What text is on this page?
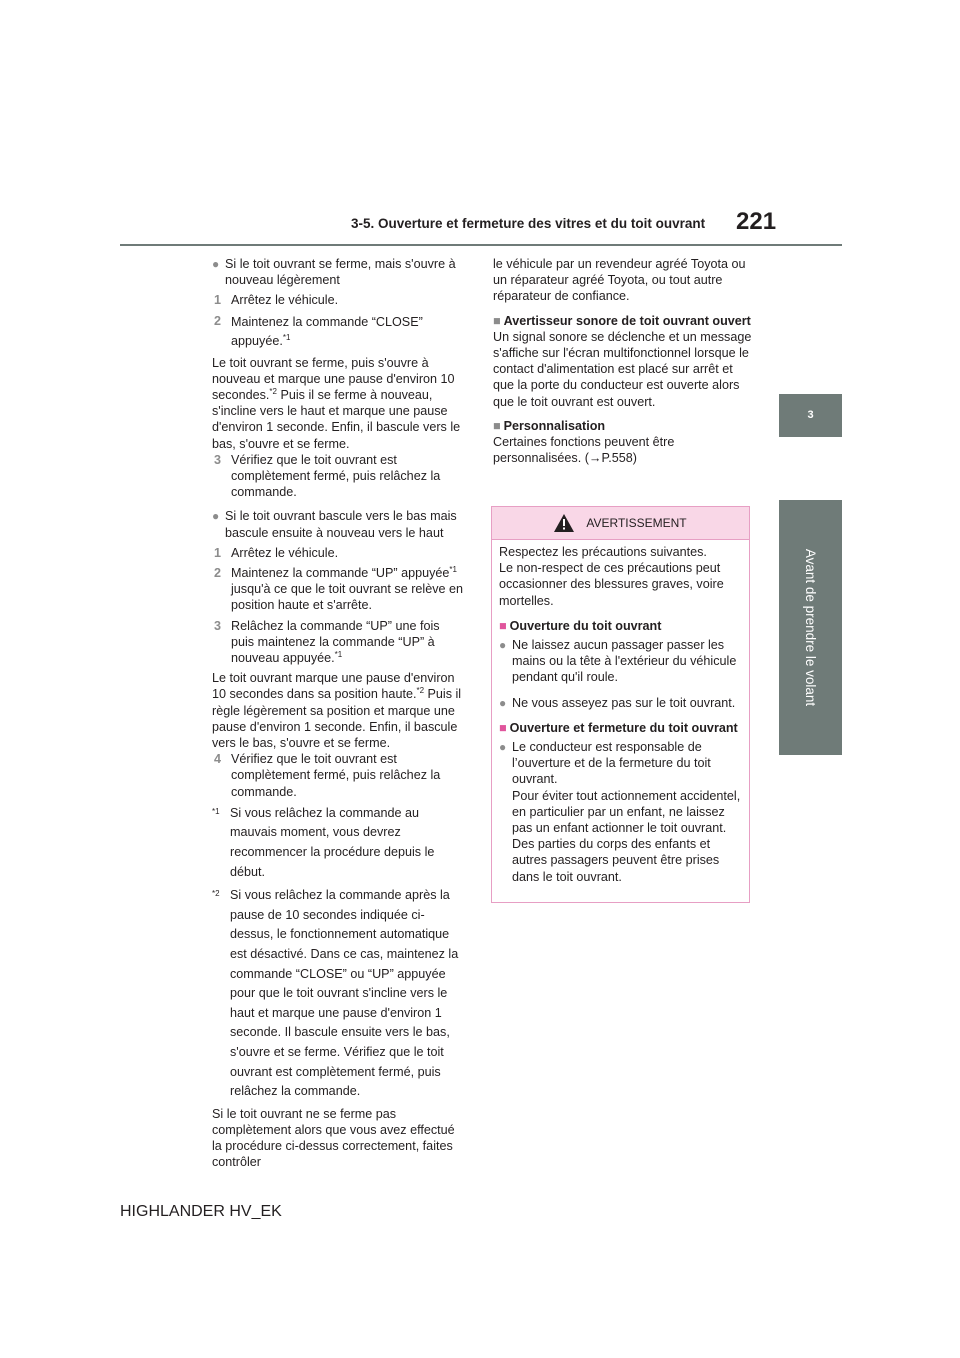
3-5. Ouverture et fermeture des vitres et du toit ouvrant 221
3
Avant de prendre le volant
● Si le toit ouvrant se ferme, mais s'ouvre à nouveau légèrement

1 Arrêtez le véhicule.

2 Maintenez la commande “CLOSE” appuyée.$^{*1}$

Le toit ouvrant se ferme, puis s'ouvre à nouveau et marque une pause d'environ 10 secondes.$^{*2}$ Puis il se ferme à nouveau, s'incline vers le haut et marque une pause d'environ 1 seconde. Enfin, il bascule vers le bas, s'ouvre et se ferme.

3 Vérifiez que le toit ouvrant est complètement fermé, puis relâchez la commande.

● Si le toit ouvrant bascule vers le bas mais bascule ensuite à nouveau vers le haut

1 Arrêtez le véhicule.

2 Maintenez la commande “UP” appuyée$^{*1}$ jusqu'à ce que le toit ouvrant se relève en position haute et s'arrête.

3 Relâchez la commande “UP” une fois puis maintenez la commande “UP” à nouveau appuyée.$^{*1}$

Le toit ouvrant marque une pause d'environ 10 secondes dans sa position haute.$^{*2}$ Puis il règle légèrement sa position et marque une pause d'environ 1 seconde. Enfin, il bascule vers le bas, s'ouvre et se ferme.

4 Vérifiez que le toit ouvrant est complètement fermé, puis relâchez la commande.

*1 Si vous relâchez la commande au mauvais moment, vous devrez recommencer la procédure depuis le début.

*2 Si vous relâchez la commande après la pause de 10 secondes indiquée ci-dessus, le fonctionnement automatique est désactivé. Dans ce cas, maintenez la commande “CLOSE” ou “UP” appuyée pour que le toit ouvrant s'incline vers le haut et marque une pause d'environ 1 seconde. Il bascule ensuite vers le bas, s'ouvre et se ferme. Vérifiez que le toit ouvrant est complètement fermé, puis relâchez la commande.

Si le toit ouvrant ne se ferme pas complètement alors que vous avez effectué la procédure ci-dessus correctement, faites contrôler

le véhicule par un revendeur agréé Toyota ou un réparateur agréé Toyota, ou tout autre réparateur de confiance.

■ Avertisseur sonore de toit ouvrant ouvert

Un signal sonore se déclenche et un message s'affiche sur l'écran multifonctionnel lorsque le contact d'alimentation est placé sur arrêt et que la porte du conducteur est ouverte alors que le toit ouvrant est ouvert.

■ Personnalisation

Certaines fonctions peuvent être personnalisées. (→P.558)

AVERTISSEMENT

Respectez les précautions suivantes.
Le non-respect de ces précautions peut occasionner des blessures graves, voire mortelles.

■ Ouverture du toit ouvrant

● Ne laissez aucun passager passer les mains ou la tête à l'extérieur du véhicule pendant qu'il roule.

● Ne vous asseyez pas sur le toit ouvrant.

■ Ouverture et fermeture du toit ouvrant

● Le conducteur est responsable de l’ouverture et de la fermeture du toit ouvrant.
Pour éviter tout actionnement accidentel, en particulier par un enfant, ne laissez pas un enfant actionner le toit ouvrant. Des parties du corps des enfants et autres passagers peuvent être prises dans le toit ouvrant.

HIGHLANDER HV_EK
